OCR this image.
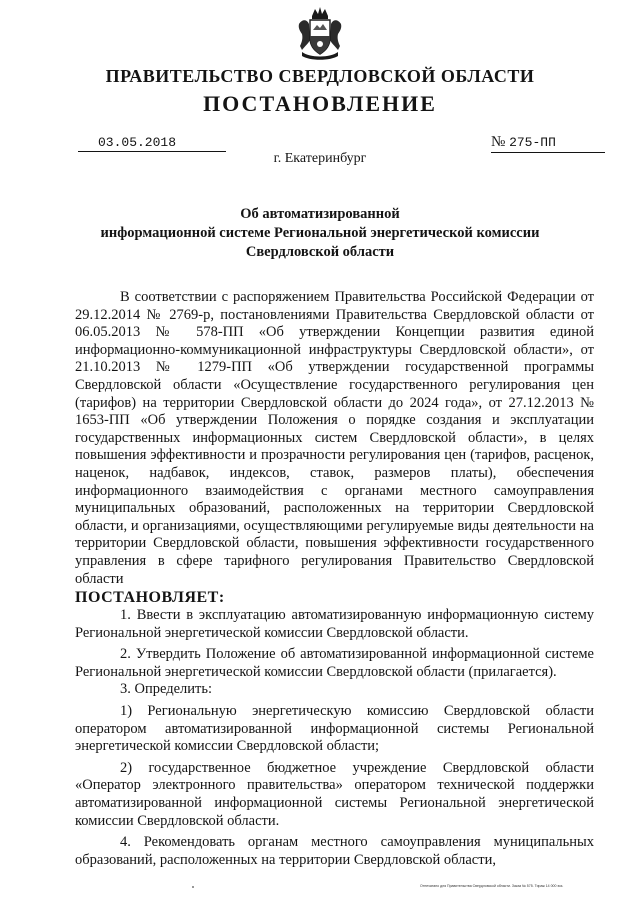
ПРАВИТЕЛЬСТВО СВЕРДЛОВСКОЙ ОБЛАСТИ
ПОСТАНОВЛЕНИЕ
03.05.2018	№ 275-ПП
г. Екатеринбург
Об автоматизированной
информационной системе Региональной энергетической комиссии
Свердловской области

В соответствии с распоряжением Правительства Российской Федерации от 29.12.2014 № 2769-р, постановлениями Правительства Свердловской области от 06.05.2013 № 578-ПП «Об утверждении Концепции развития единой информационно-коммуникационной инфраструктуры Свердловской области», от 21.10.2013 № 1279-ПП «Об утверждении государственной программы Свердловской области «Осуществление государственного регулирования цен (тарифов) на территории Свердловской области до 2024 года», от 27.12.2013 № 1653-ПП «Об утверждении Положения о порядке создания и эксплуатации государственных информационных систем Свердловской области», в целях повышения эффективности и прозрачности регулирования цен (тарифов, расценок, наценок, надбавок, индексов, ставок, размеров платы), обеспечения информационного взаимодействия с органами местного самоуправления муниципальных образований, расположенных на территории Свердловской области, и организациями, осуществляющими регулируемые виды деятельности на территории Свердловской области, повышения эффективности государственного управления в сфере тарифного регулирования Правительство Свердловской области

ПОСТАНОВЛЯЕТ:

1. Ввести в эксплуатацию автоматизированную информационную систему Региональной энергетической комиссии Свердловской области.

2. Утвердить Положение об автоматизированной информационной системе Региональной энергетической комиссии Свердловской области (прилагается).

3. Определить:

1) Региональную энергетическую комиссию Свердловской области оператором автоматизированной информационной системы Региональной энергетической комиссии Свердловской области;

2) государственное бюджетное учреждение Свердловской области «Оператор электронного правительства» оператором технической поддержки автоматизированной информационной системы Региональной энергетической комиссии Свердловской области.

4. Рекомендовать органам местного самоуправления муниципальных образований, расположенных на территории Свердловской области,

Отпечатано для Правительства Свердловской области. Заказ № 575. Тираж 14 000 экз.
